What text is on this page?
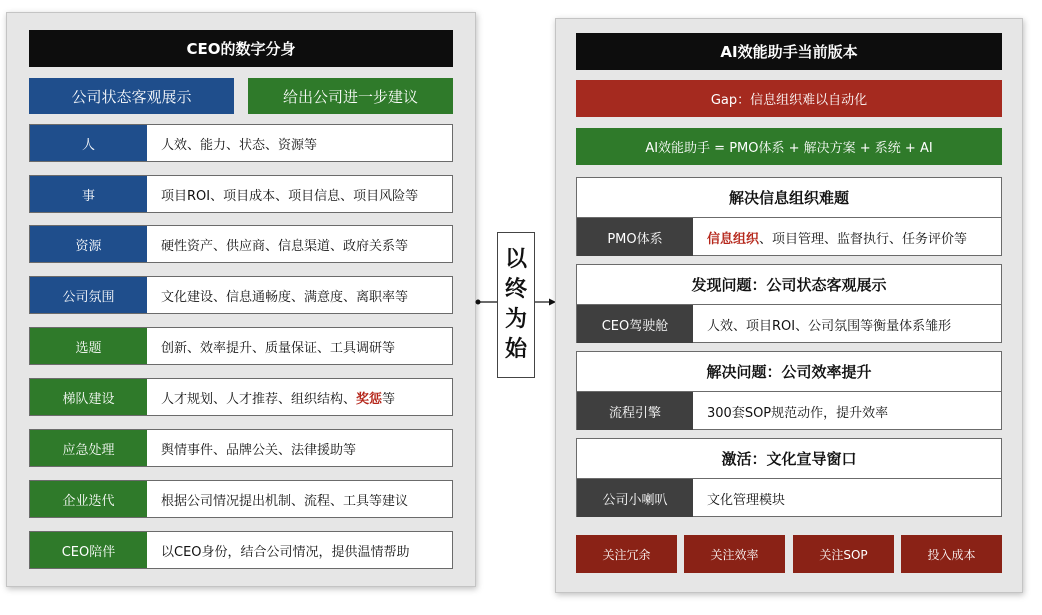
CEO的数字分身
公司状态客观展示	给出公司进一步建议
人	人效、能力、状态、资源等
事	项目ROI、项目成本、项目信息、项目风险等
资源	硬性资产、供应商、信息渠道、政府关系等
公司氛围	文化建设、信息通畅度、满意度、离职率等
选题	创新、效率提升、质量保证、工具调研等
梯队建设	人才规划、人才推荐、组织结构、 奖惩 等
应急处理	舆情事件、品牌公关、法律援助等
企业迭代	根据公司情况提出机制、流程、工具等建议
CEO陪伴	以CEO身份，结合公司情况，提供温情帮助
以
终
为
始
AI效能助手当前版本
Gap：信息组织难以自动化
AI效能助手 = PMO体系 + 解决方案 + 系统 + AI
解决信息组织难题
PMO体系	信息组织 、项目管理、监督执行、任务评价等
发现问题：公司状态客观展示
CEO驾驶舱	人效、项目ROI、公司氛围等衡量体系雏形
解决问题：公司效率提升
流程引擎	300套SOP规范动作，提升效率
激活：文化宣导窗口
公司小喇叭	文化管理模块
关注冗余	关注效率	关注SOP	投入成本
